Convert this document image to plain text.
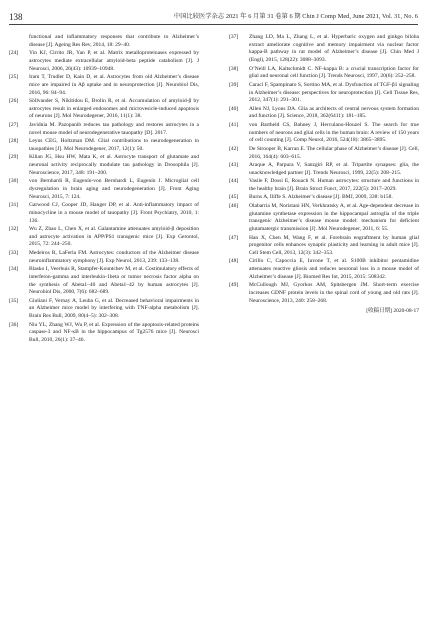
138	中国比较医学杂志 2021 年 6 月第 31 卷第 6 期 Chin J Comp Med, June 2021, Vol. 31, No. 6
functional and inflammatory responses that contribute to Alzheimer’s disease [J]. Ageing Res Rev, 2014, 18: 29–40.
[24]	Yin KJ, Cirrito JR, Yan P, et al. Matrix metalloproteinases expressed by astrocytes mediate extracellular amyloid-beta peptide catabolism [J]. J Neurosci, 2006, 26(43): 10939–10948.
[25]	Iram T, Trudler D, Kain D, et al. Astrocytes from old Alzheimer’s disease mice are impaired in Aβ uptake and in neuroprotection [J]. Neurobiol Dis, 2016, 96: 84–94.
[26]	Söllvander S, Nikitidou E, Brolin R, et al. Accumulation of amyloid-β by astrocytes result in enlarged endosomes and microvesicle-induced apoptosis of neurons [J]. Mol Neurodegener, 2016, 11(1): 38.
[27]	Javidnia M. Pazopanib reduces tau pathology and restores astrocytes in a novel mouse model of neurodegenerative tauopathy [D]. 2017.
[28]	Leyns CEG, Holtzman DM. Glial contributions to neurodegeneration in tauopathies [J]. Mol Neurodegener, 2017, 12(1): 50.
[29]	Kilian JG, Hsu HW, Mata K, et al. Astrocyte transport of glutamate and neuronal activity reciprocally modulate tau pathology in Drosophila [J]. Neuroscience, 2017, 348: 191–200.
[30]	von Bernhardi R, Eugenín-von Bernhardi L, Eugenín J. Microglial cell dysregulation in brain aging and neurodegeneration [J]. Front Aging Neurosci, 2015, 7: 124.
[31]	Garwood CJ, Cooper JD, Hanger DP, et al. Anti-inflammatory impact of minocycline in a mouse model of tauopathy [J]. Front Psychiatry, 2010, 1: 136.
[32]	Wu Z, Zhao L, Chen X, et al. Galantamine attenuates amyloid-β deposition and astrocyte activation in APP/PS1 transgenic mice [J]. Exp Gerontol, 2015, 72: 244–250.
[33]	Medeiros R, LaFerla FM. Astrocytes: conductors of the Alzheimer disease neuroinflammatory symphony [J]. Exp Neurol, 2013, 239: 133–138.
[34]	Blasko I, Veerhuis R, Stampfer-Kountchev M, et al. Costimulatory effects of interferon-gamma and interleukin-1beta or tumor necrosis factor alpha on the synthesis of Abeta1–40 and Abeta1–42 by human astrocytes [J]. Neurobiol Dis, 2000, 7(6): 682–689.
[35]	Giuliani F, Vernay A, Leuba G, et al. Decreased behavioral impairments in an Alzheimer mice model by interfering with TNF-alpha metabolism [J]. Brain Res Bull, 2009, 80(4–5): 302–308.
[36]	Niu YL, Zhang WJ, Wu P, et al. Expression of the apoptosis-related proteins caspase-3 and NF-κB in the hippocampus of Tg2576 mice [J]. Neurosci Bull, 2010, 26(1): 37–46.
[37]	Zhang LD, Ma L, Zhang L, et al. Hyperbaric oxygen and ginkgo biloba extract ameliorate cognitive and memory impairment via nuclear factor kappa-B pathway in rat model of Alzheimer’s disease [J]. Chin Med J (Engl), 2015, 128(22): 3088–3093.
[38]	O’Neill LA, Kaltschmidt C. NF-kappa B: a crucial transcription factor for glial and neuronal cell function [J]. Trends Neurosci, 1997, 20(6): 252–258.
[39]	Caraci F, Spampinato S, Sortino MA, et al. Dysfunction of TGF-β1 signaling in Alzheimer’s disease: perspectives for neuroprotection [J]. Cell Tissue Res, 2012, 347(1): 291–301.
[40]	Allen NJ, Lyons DA. Glia as architects of central nervous system formation and function [J]. Science, 2018, 362(6411): 181–185.
[41]	von Bartheld CS, Bahney J, Herculano-Houzel S. The search for true numbers of neurons and glial cells in the human brain: A review of 150 years of cell counting [J]. Comp Neurol, 2016, 524(18): 3865–3895.
[42]	De Strooper B, Karran E. The cellular phase of Alzheimer’s disease [J]. Cell, 2016, 164(4): 603–615.
[43]	Araque A, Parpura V, Sanzgiri RP, et al. Tripartite synapses: glia, the unacknowledged partner [J]. Trends Neurosci, 1999, 22(5): 208–215.
[44]	Vasile F, Dossi E, Rouach N. Human astrocytes: structure and functions in the healthy brain [J]. Brain Struct Funct, 2017, 222(5): 2017–2029.
[45]	Burns A, Iliffe S. Alzheimer’s disease [J]. BMJ, 2009, 338: b158.
[46]	Olabarria M, Noristani HN, Verkhratsky A, et al. Age-dependent decrease in glutamine synthetase expression in the hippocampal astroglia of the triple transgenic Alzheimer’s disease mouse model: mechanism for deficient glutamatergic transmission [J]. Mol Neurodegener, 2011, 6: 55.
[47]	Han X, Chen M, Wang F, et al. Forebrain engraftment by human glial progenitor cells enhances synaptic plasticity and learning in adult mice [J]. Cell Stem Cell, 2013, 12(3): 342–353.
[48]	Cirillo C, Capoccia E, Iuvone T, et al. S100B inhibitor pentamidine attenuates reactive gliosis and reduces neuronal loss in a mouse model of Alzheimer’s disease [J]. Biomed Res Int, 2015, 2015: 508342.
[49]	McCullough MJ, Gyorkos AM, Spitsbergen JM. Short-term exercise increases GDNF protein levels in the spinal cord of young and old rats [J]. Neuroscience, 2013, 240: 258–268.
[收稿日期] 2020-08-17
